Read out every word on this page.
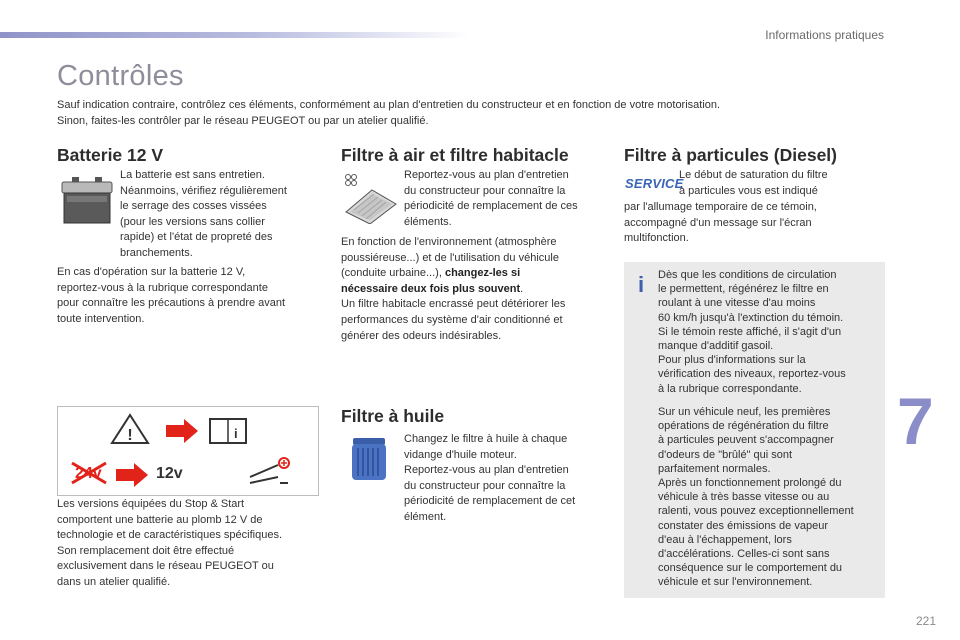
Informations pratiques
Contrôles

Sauf indication contraire, contrôlez ces éléments, conformément au plan d'entretien du constructeur et en fonction de votre motorisation.

Sinon, faites-les contrôler par le réseau PEUGEOT ou par un atelier qualifié.

Batterie 12 V
La batterie est sans entretien.
Néanmoins, vérifiez régulièrement
le serrage des cosses vissées
(pour les versions sans collier
rapide) et l'état de propreté des
branchements.
En cas d'opération sur la batterie 12 V,
reportez-vous à la rubrique correspondante
pour connaître les précautions à prendre avant
toute intervention.
!	i
24v	12v
Les versions équipées du Stop & Start
comportent une batterie au plomb 12 V de
technologie et de caractéristiques spécifiques.
Son remplacement doit être effectué
exclusivement dans le réseau PEUGEOT ou
dans un atelier qualifié.
Filtre à air et filtre habitacle
Reportez-vous au plan d'entretien
du constructeur pour connaître la
périodicité de remplacement de ces
éléments.
En fonction de l'environnement (atmosphère
poussiéreuse...) et de l'utilisation du véhicule
(conduite urbaine...), changez-les si
nécessaire deux fois plus souvent.
Un filtre habitacle encrassé peut détériorer les
performances du système d'air conditionné et
générer des odeurs indésirables.
Filtre à huile
Changez le filtre à huile à chaque
vidange d'huile moteur.
Reportez-vous au plan d'entretien
du constructeur pour connaître la
périodicité de remplacement de cet
élément.
Filtre à particules (Diesel)
SERVICE
Le début de saturation du filtre
à particules vous est indiqué
par l'allumage temporaire de ce témoin,
accompagné d'un message sur l'écran
multifonction.
i	Dès que les conditions de circulation
le permettent, régénérez le filtre en
roulant à une vitesse d'au moins
60 km/h jusqu'à l'extinction du témoin.
Si le témoin reste affiché, il s'agit d'un
manque d'additif gasoil.
Pour plus d'informations sur la
vérification des niveaux, reportez-vous
à la rubrique correspondante.
Sur un véhicule neuf, les premières
opérations de régénération du filtre
à particules peuvent s'accompagner
d'odeurs de "brûlé" qui sont
parfaitement normales.
Après un fonctionnement prolongé du
véhicule à très basse vitesse ou au
ralenti, vous pouvez exceptionnellement
constater des émissions de vapeur
d'eau à l'échappement, lors
d'accélérations. Celles-ci sont sans
conséquence sur le comportement du
véhicule et sur l'environnement.
7
221
